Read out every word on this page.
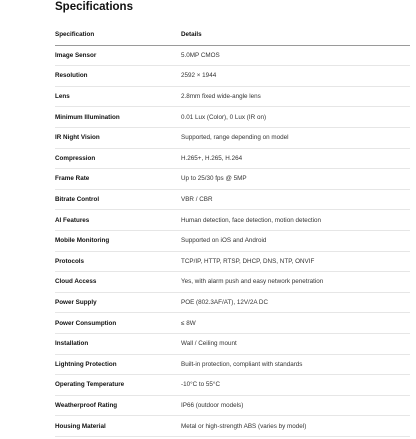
Specifications
Specification	Details
Image Sensor	5.0MP CMOS
Resolution	2592 × 1944
Lens	2.8mm fixed wide-angle lens
Minimum Illumination	0.01 Lux (Color), 0 Lux (IR on)
IR Night Vision	Supported, range depending on model
Compression	H.265+, H.265, H.264
Frame Rate	Up to 25/30 fps @ 5MP
Bitrate Control	VBR / CBR
AI Features	Human detection, face detection, motion detection
Mobile Monitoring	Supported on iOS and Android
Protocols	TCP/IP, HTTP, RTSP, DHCP, DNS, NTP, ONVIF
Cloud Access	Yes, with alarm push and easy network penetration
Power Supply	POE (802.3AF/AT), 12V/2A DC
Power Consumption	≤ 8W
Installation	Wall / Ceiling mount
Lightning Protection	Built-in protection, compliant with standards
Operating Temperature	-10°C to 55°C
Weatherproof Rating	IP66 (outdoor models)
Housing Material	Metal or high-strength ABS (varies by model)
